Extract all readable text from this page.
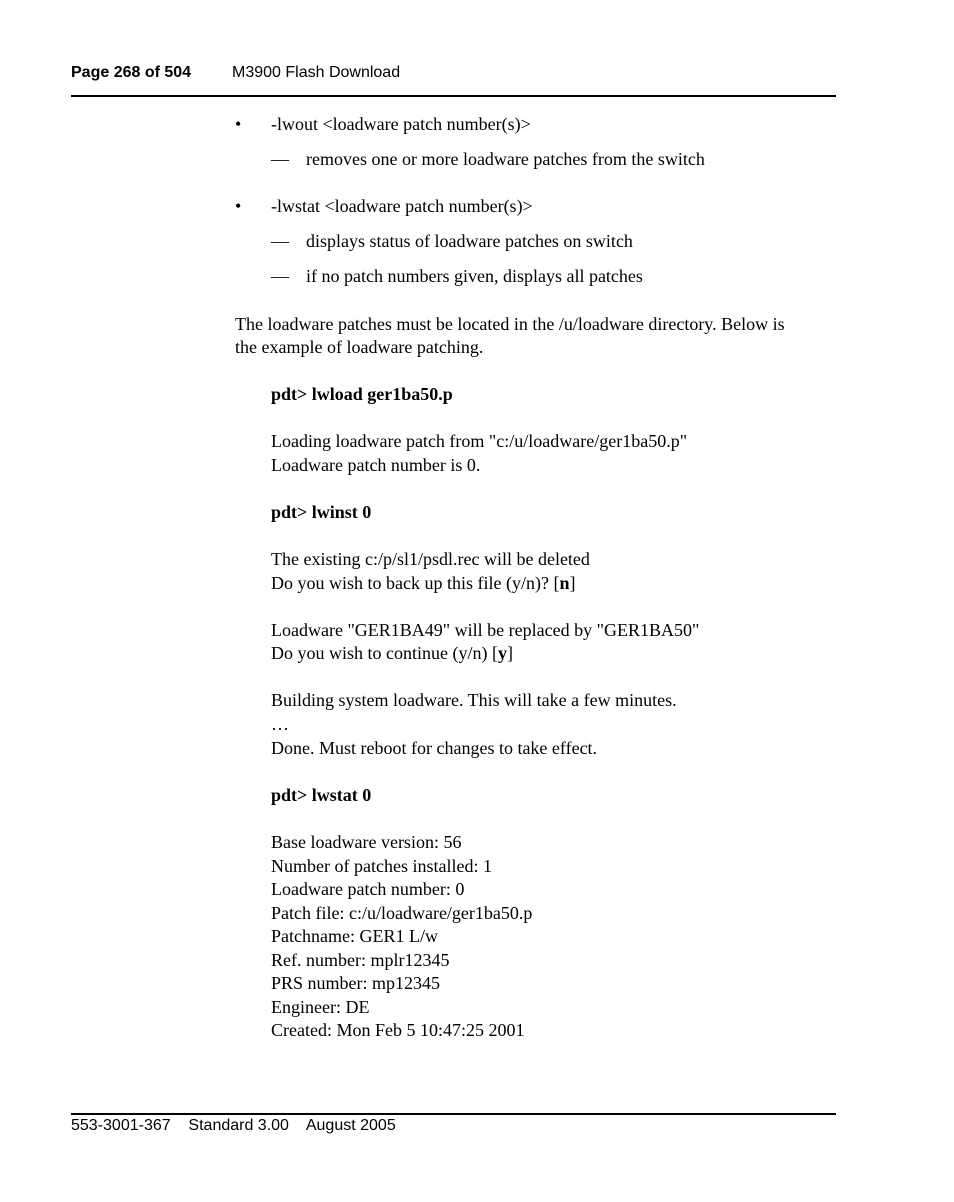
Page 268 of 504	M3900 Flash Download
• -lwout <loadware patch number(s)>
— removes one or more loadware patches from the switch
• -lwstat <loadware patch number(s)>
— displays status of loadware patches on switch
— if no patch numbers given, displays all patches
The loadware patches must be located in the /u/loadware directory. Below is
the example of loadware patching.
pdt> lwload ger1ba50.p
Loading loadware patch from "c:/u/loadware/ger1ba50.p"
Loadware patch number is 0.
pdt> lwinst 0
The existing c:/p/sl1/psdl.rec will be deleted
Do you wish to back up this file (y/n)? [n]
Loadware "GER1BA49" will be replaced by "GER1BA50"
Do you wish to continue (y/n) [y]
Building system loadware. This will take a few minutes.
…
Done. Must reboot for changes to take effect.
pdt> lwstat 0
Base loadware version: 56
Number of patches installed: 1
Loadware patch number: 0
Patch file: c:/u/loadware/ger1ba50.p
Patchname: GER1 L/w
Ref. number: mplr12345
PRS number: mp12345
Engineer: DE
Created: Mon Feb 5 10:47:25 2001
553-3001-367 Standard 3.00 August 2005
